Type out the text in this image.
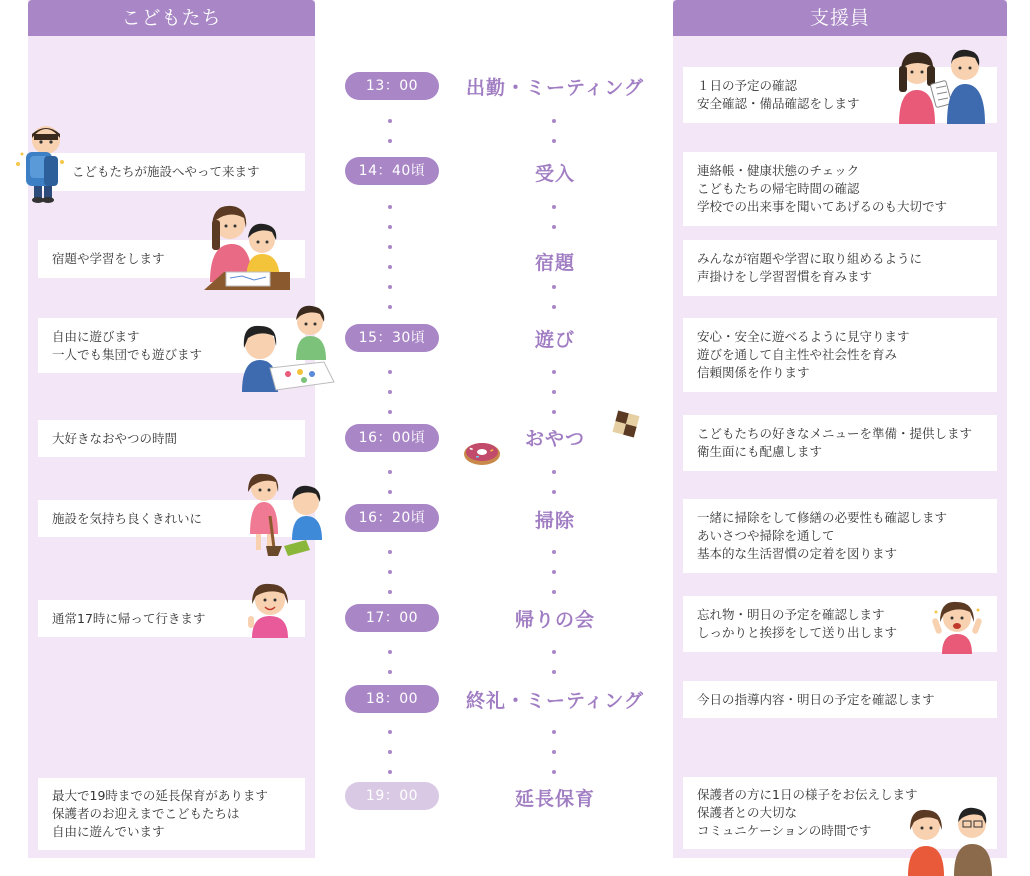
こどもたち	支援員
こどもたちが施設へやって来ます
宿題や学習をします
自由に遊びます
一人でも集団でも遊びます
大好きなおやつの時間
施設を気持ち良くきれいに
通常17時に帰って行きます
最大で19時までの延長保育があります
保護者のお迎えまでこどもたちは
自由に遊んでいます
１日の予定の確認
安全確認・備品確認をします
連絡帳・健康状態のチェック
こどもたちの帰宅時間の確認
学校での出来事を聞いてあげるのも大切です
みんなが宿題や学習に取り組めるように
声掛けをし学習習慣を育みます
安心・安全に遊べるように見守ります
遊びを通して自主性や社会性を育み
信頼関係を作ります
こどもたちの好きなメニューを準備・提供します
衛生面にも配慮します
一緒に掃除をして修繕の必要性も確認します
あいさつや掃除を通して
基本的な生活習慣の定着を図ります
忘れ物・明日の予定を確認します
しっかりと挨拶をして送り出します
今日の指導内容・明日の予定を確認します
保護者の方に1日の様子をお伝えします
保護者との大切な
コミュニケーションの時間です
13：00
14：40頃
15：30頃
16：00頃
16：20頃
17：00
18：00
19：00
出勤・ミーティング
受入
宿題
遊び
おやつ
掃除
帰りの会
終礼・ミーティング
延長保育
